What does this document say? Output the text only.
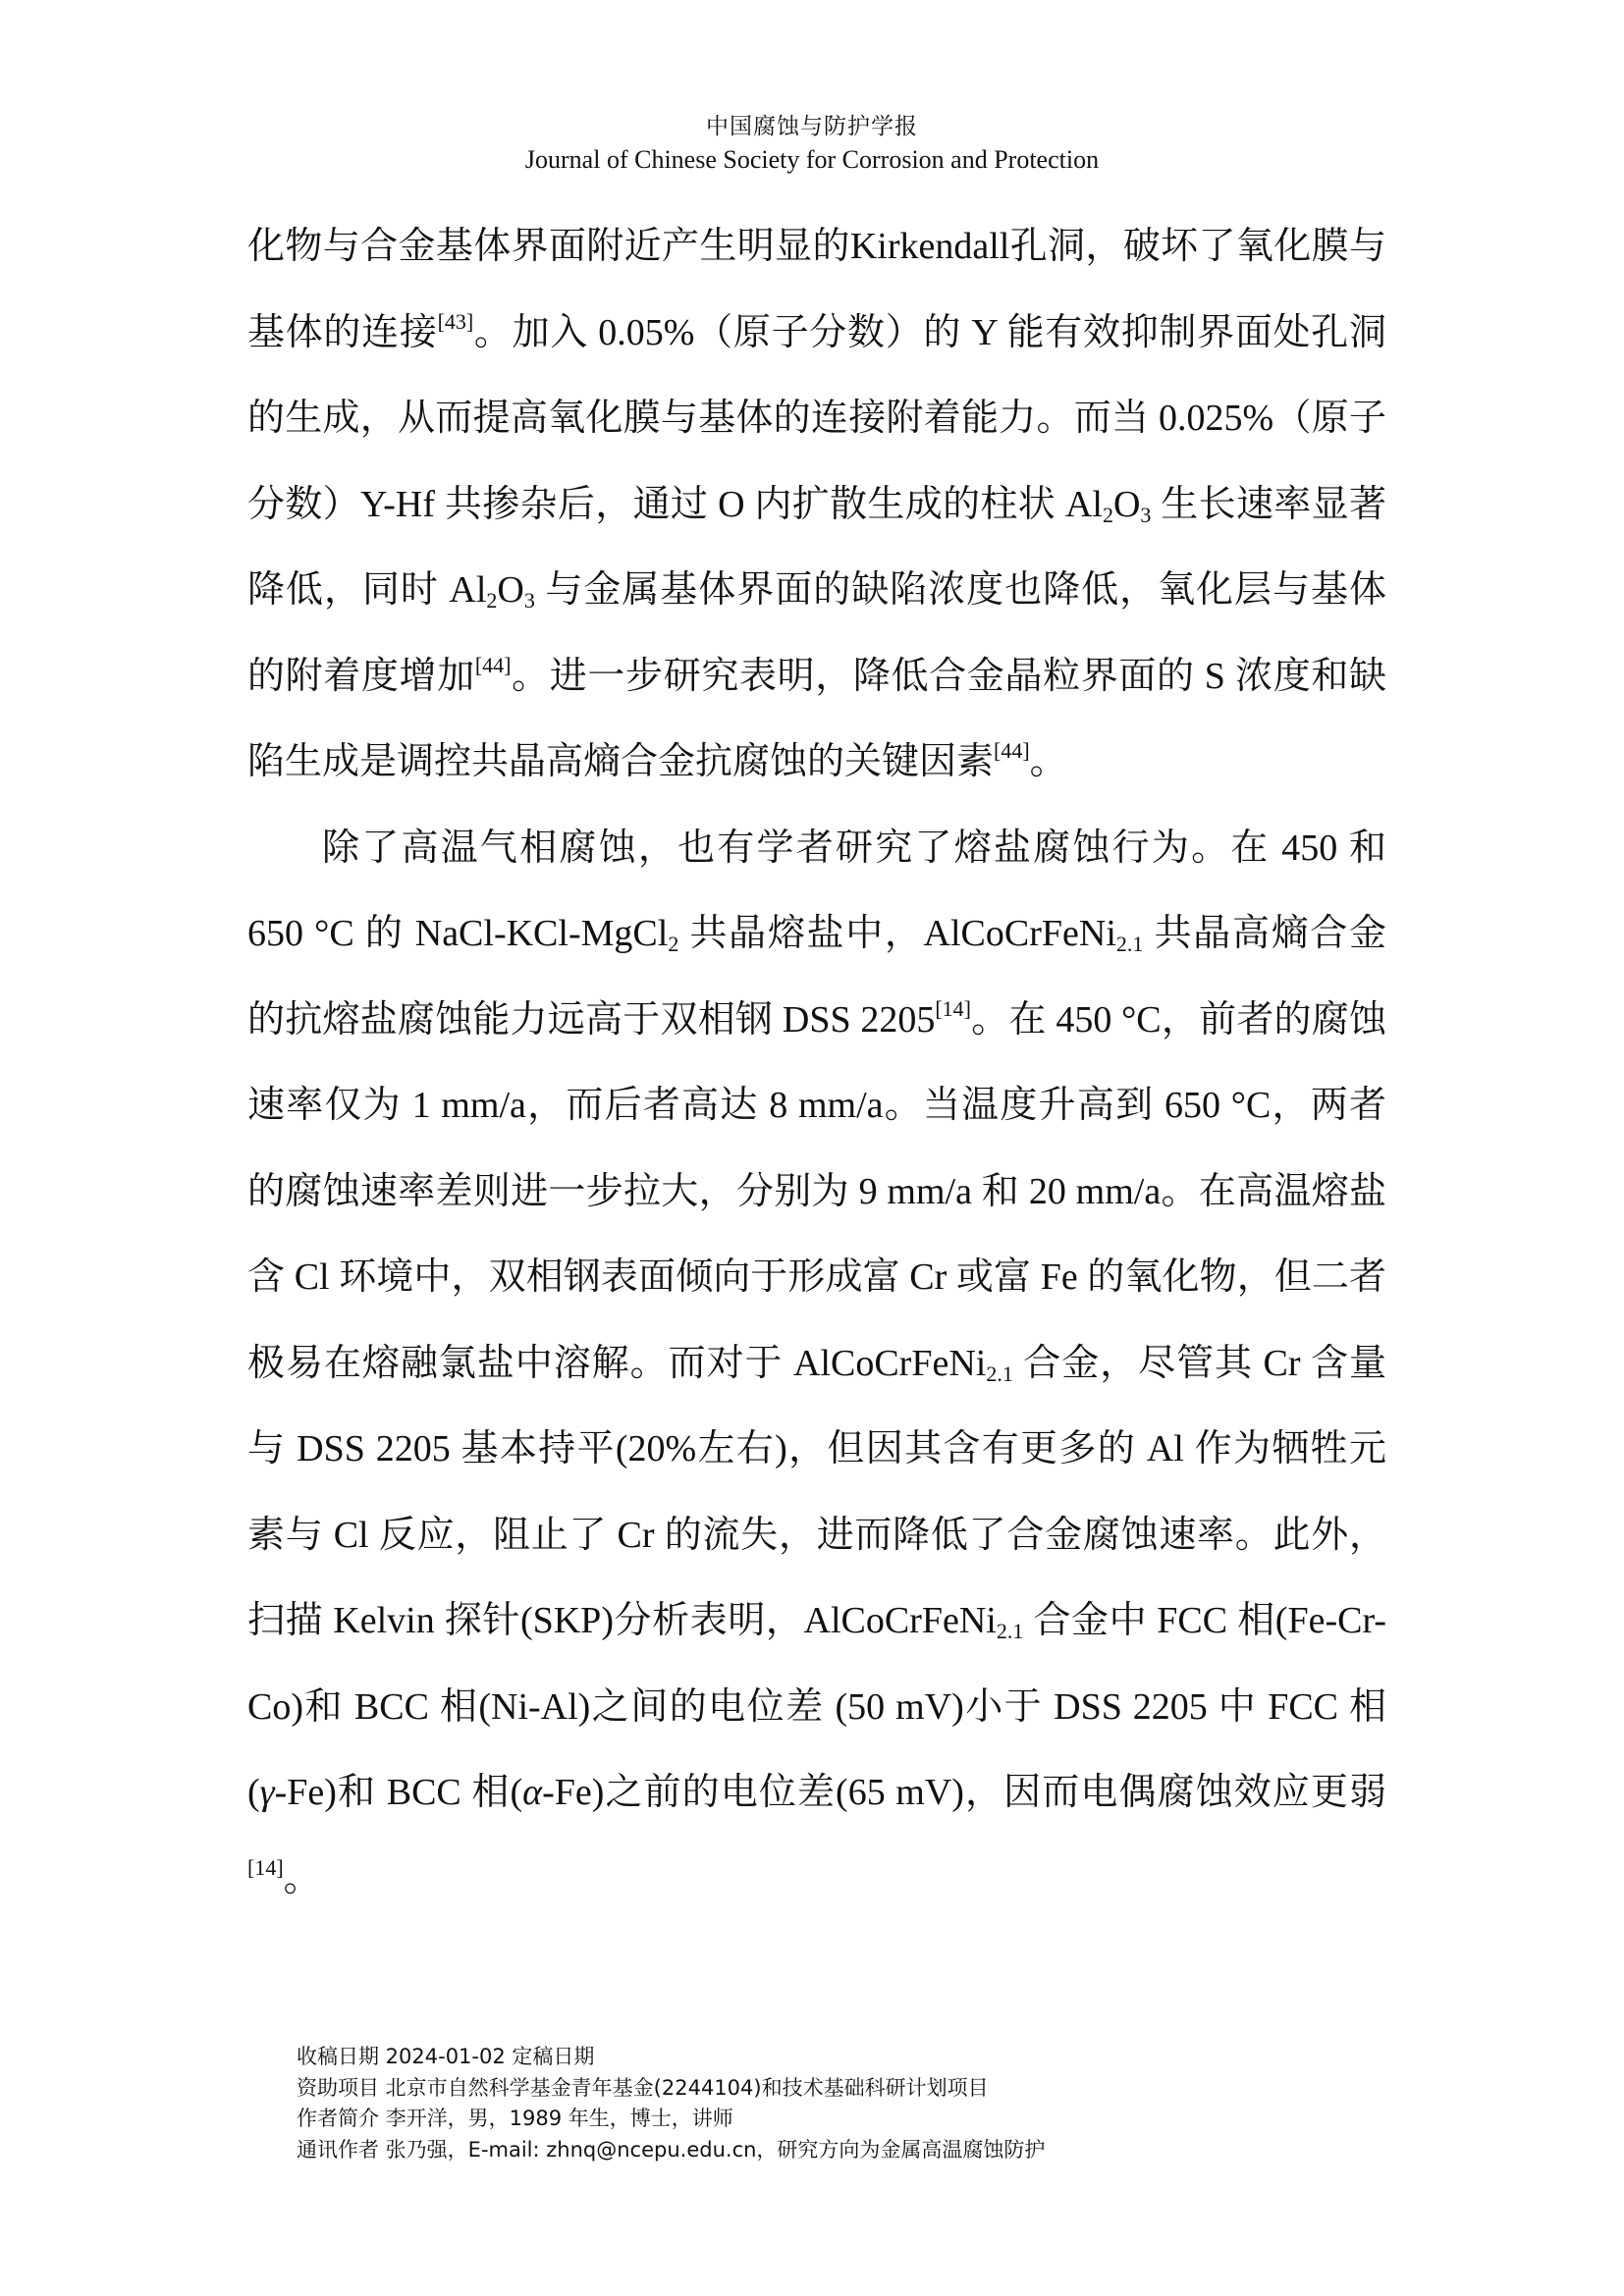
中国腐蚀与防护学报
Journal of Chinese Society for Corrosion and Protection

化物与合金基体界面附近产生明显的Kirkendall孔洞，破坏了氧化膜与基体的连接[43]。加入 0.05%（原子分数）的 Y 能有效抑制界面处孔洞的生成，从而提高氧化膜与基体的连接附着能力。而当 0.025%（原子分数）Y-Hf 共掺杂后，通过 O 内扩散生成的柱状 $Al_2O_3$ 生长速率显著降低，同时 $Al_2O_3$ 与金属基体界面的缺陷浓度也降低，氧化层与基体的附着度增加[44]。进一步研究表明，降低合金晶粒界面的 S 浓度和缺陷生成是调控共晶高熵合金抗腐蚀的关键因素[44]。

除了高温气相腐蚀，也有学者研究了熔盐腐蚀行为。在 450 和 650 °C 的 NaCl-KCl-MgCl$_2$ 共晶熔盐中，AlCoCrFeNi$_{2.1}$ 共晶高熵合金的抗熔盐腐蚀能力远高于双相钢 DSS 2205[14]。在 450 °C，前者的腐蚀速率仅为 1 mm/a，而后者高达 8 mm/a。当温度升高到 650 °C，两者的腐蚀速率差则进一步拉大，分别为 9 mm/a 和 20 mm/a。在高温熔盐含 Cl 环境中，双相钢表面倾向于形成富 Cr 或富 Fe 的氧化物，但二者极易在熔融氯盐中溶解。而对于 AlCoCrFeNi$_{2.1}$ 合金，尽管其 Cr 含量与 DSS 2205 基本持平(20%左右)，但因其含有更多的 Al 作为牺牲元素与 Cl 反应，阻止了 Cr 的流失，进而降低了合金腐蚀速率。此外，扫描 Kelvin 探针(SKP)分析表明，AlCoCrFeNi$_{2.1}$ 合金中 FCC 相(Fe-Cr-Co)和 BCC 相(Ni-Al)之间的电位差 (50 mV)小于 DSS 2205 中 FCC 相(γ-Fe)和 BCC 相(α-Fe)之前的电位差(65 mV)，因而电偶腐蚀效应更弱[14]。

收稿日期 2024-01-02 定稿日期
资助项目 北京市自然科学基金青年基金(2244104)和技术基础科研计划项目
作者简介 李开洋，男，1989 年生，博士，讲师
通讯作者 张乃强，E-mail: zhnq@ncepu.edu.cn，研究方向为金属高温腐蚀防护
